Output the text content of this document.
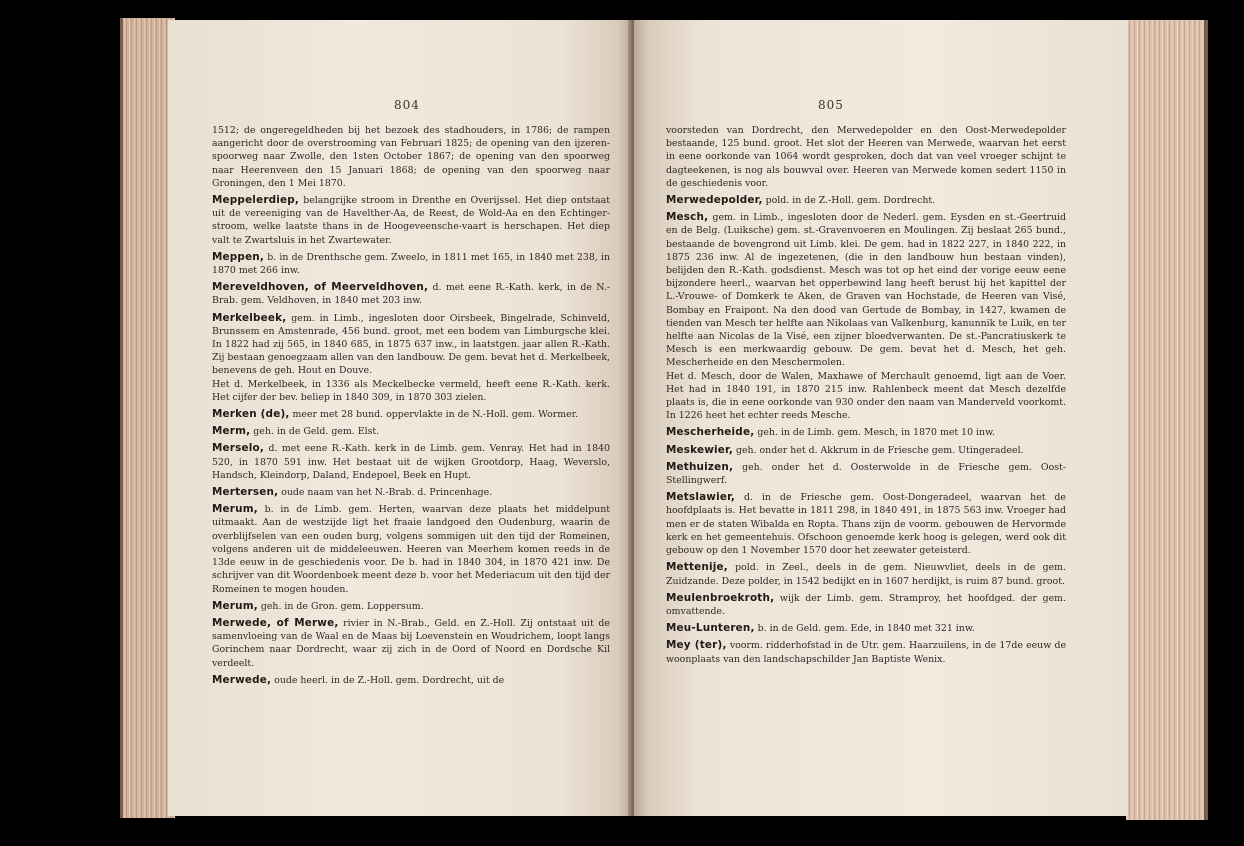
804

1512; de ongeregeldheden bij het bezoek des stadhouders, in 1786; de rampen aangericht door de overstrooming van Februari 1825; de opening van den ijzeren-spoorweg naar Zwolle, den 1sten October 1867; de opening van den spoorweg naar Heerenveen den 15 Januari 1868; de opening van den spoorweg naar Groningen, den 1 Mei 1870.

Meppelerdiep, belangrijke stroom in Drenthe en Overijssel. Het diep ontstaat uit de vereeniging van de Havelther-Aa, de Reest, de Wold-Aa en den Echtinger-stroom, welke laatste thans in de Hoogeveensche-vaart is herschapen. Het diep valt te Zwartsluis in het Zwartewater.

Meppen, b. in de Drenthsche gem. Zweelo, in 1811 met 165, in 1840 met 238, in 1870 met 266 inw.

Mereveldhoven, of Meerveldhoven, d. met eene R.-Kath. kerk, in de N.-Brab. gem. Veldhoven, in 1840 met 203 inw.

Merkelbeek, gem. in Limb., ingesloten door Oirsbeek, Bingelrade, Schinveld, Brunssem en Amstenrade, 456 bund. groot, met een bodem van Limburgsche klei. In 1822 had zij 565, in 1840 685, in 1875 637 inw., in laatstgen. jaar allen R.-Kath. Zij bestaan genoegzaam allen van den landbouw. De gem. bevat het d. Merkelbeek, benevens de geh. Hout en Douve.

Het d. Merkelbeek, in 1336 als Meckelbecke vermeld, heeft eene R.-Kath. kerk. Het cijfer der bev. beliep in 1840 309, in 1870 303 zielen.

Merken (de), meer met 28 bund. oppervlakte in de N.-Holl. gem. Wormer.

Merm, geh. in de Geld. gem. Elst.

Merselo, d. met eene R.-Kath. kerk in de Limb. gem. Venray. Het had in 1840 520, in 1870 591 inw. Het bestaat uit de wijken Grootdorp, Haag, Weverslo, Handsch, Kleindorp, Daland, Endepoel, Beek en Hupt.

Mertersen, oude naam van het N.-Brab. d. Princenhage.

Merum, b. in de Limb. gem. Herten, waarvan deze plaats het middelpunt uitmaakt. Aan de westzijde ligt het fraaie landgoed den Oudenburg, waarin de overblijfselen van een ouden burg, volgens sommigen uit den tijd der Romeinen, volgens anderen uit de middeleeuwen. Heeren van Meerhem komen reeds in de 13de eeuw in de geschiedenis voor. De b. had in 1840 304, in 1870 421 inw. De schrijver van dit Woordenboek meent deze b. voor het Mederiacum uit den tijd der Romeinen te mogen houden.

Merum, geh. in de Gron. gem. Loppersum.

Merwede, of Merwe, rivier in N.-Brab., Geld. en Z.-Holl. Zij ontstaat uit de samenvloeing van de Waal en de Maas bij Loevenstein en Woudrichem, loopt langs Gorinchem naar Dordrecht, waar zij zich in de Oord of Noord en Dordsche Kil verdeelt.

Merwede, oude heerl. in de Z.-Holl. gem. Dordrecht, uit de

805

voorsteden van Dordrecht, den Merwedepolder en den Oost-Merwedepolder bestaande, 125 bund. groot. Het slot der Heeren van Merwede, waarvan het eerst in eene oorkonde van 1064 wordt gesproken, doch dat van veel vroeger schijnt te dagteekenen, is nog als bouwval over. Heeren van Merwede komen sedert 1150 in de geschiedenis voor.

Merwedepolder, pold. in de Z.-Holl. gem. Dordrecht.

Mesch, gem. in Limb., ingesloten door de Nederl. gem. Eysden en st.-Geertruid en de Belg. (Luiksche) gem. st.-Gravenvoeren en Moulingen. Zij beslaat 265 bund., bestaande de bovengrond uit Limb. klei. De gem. had in 1822 227, in 1840 222, in 1875 236 inw. Al de ingezetenen, (die in den landbouw hun bestaan vinden), belijden den R.-Kath. godsdienst. Mesch was tot op het eind der vorige eeuw eene bijzondere heerl., waarvan het opperbewind lang heeft berust bij het kapittel der L.-Vrouwe- of Domkerk te Aken, de Graven van Hochstade, de Heeren van Visé, Bombay en Fraipont. Na den dood van Gertude de Bombay, in 1427, kwamen de tienden van Mesch ter helfte aan Nikolaas van Valkenburg, kanunnik te Luik, en ter helfte aan Nicolas de la Visé, een zijner bloedverwanten. De st.-Pancratiuskerk te Mesch is een merkwaardig gebouw. De gem. bevat het d. Mesch, het geh. Mescherheide en den Meschermolen.

Het d. Mesch, door de Walen, Maxhawe of Merchault genoemd, ligt aan de Voer. Het had in 1840 191, in 1870 215 inw. Rahlenbeck meent dat Mesch dezelfde plaats is, die in eene oorkonde van 930 onder den naam van Manderveld voorkomt. In 1226 heet het echter reeds Mesche.

Mescherheide, geh. in de Limb. gem. Mesch, in 1870 met 10 inw.

Meskewier, geh. onder het d. Akkrum in de Friesche gem. Utingeradeel.

Methuizen, geh. onder het d. Oosterwolde in de Friesche gem. Oost-Stellingwerf.

Metslawier, d. in de Friesche gem. Oost-Dongeradeel, waarvan het de hoofdplaats is. Het bevatte in 1811 298, in 1840 491, in 1875 563 inw. Vroeger had men er de staten Wibalda en Ropta. Thans zijn de voorm. gebouwen de Hervormde kerk en het gemeentehuis. Ofschoon genoemde kerk hoog is gelegen, werd ook dit gebouw op den 1 November 1570 door het zeewater geteisterd.

Mettenije, pold. in Zeel., deels in de gem. Nieuwvliet, deels in de gem. Zuidzande. Deze polder, in 1542 bedijkt en in 1607 herdijkt, is ruim 87 bund. groot.

Meulenbroekroth, wijk der Limb. gem. Stramproy, het hoofdged. der gem. omvattende.

Meu-Lunteren, b. in de Geld. gem. Ede, in 1840 met 321 inw.

Mey (ter), voorm. ridderhofstad in de Utr. gem. Haarzuilens, in de 17de eeuw de woonplaats van den landschapschilder Jan Baptiste Wenix.
